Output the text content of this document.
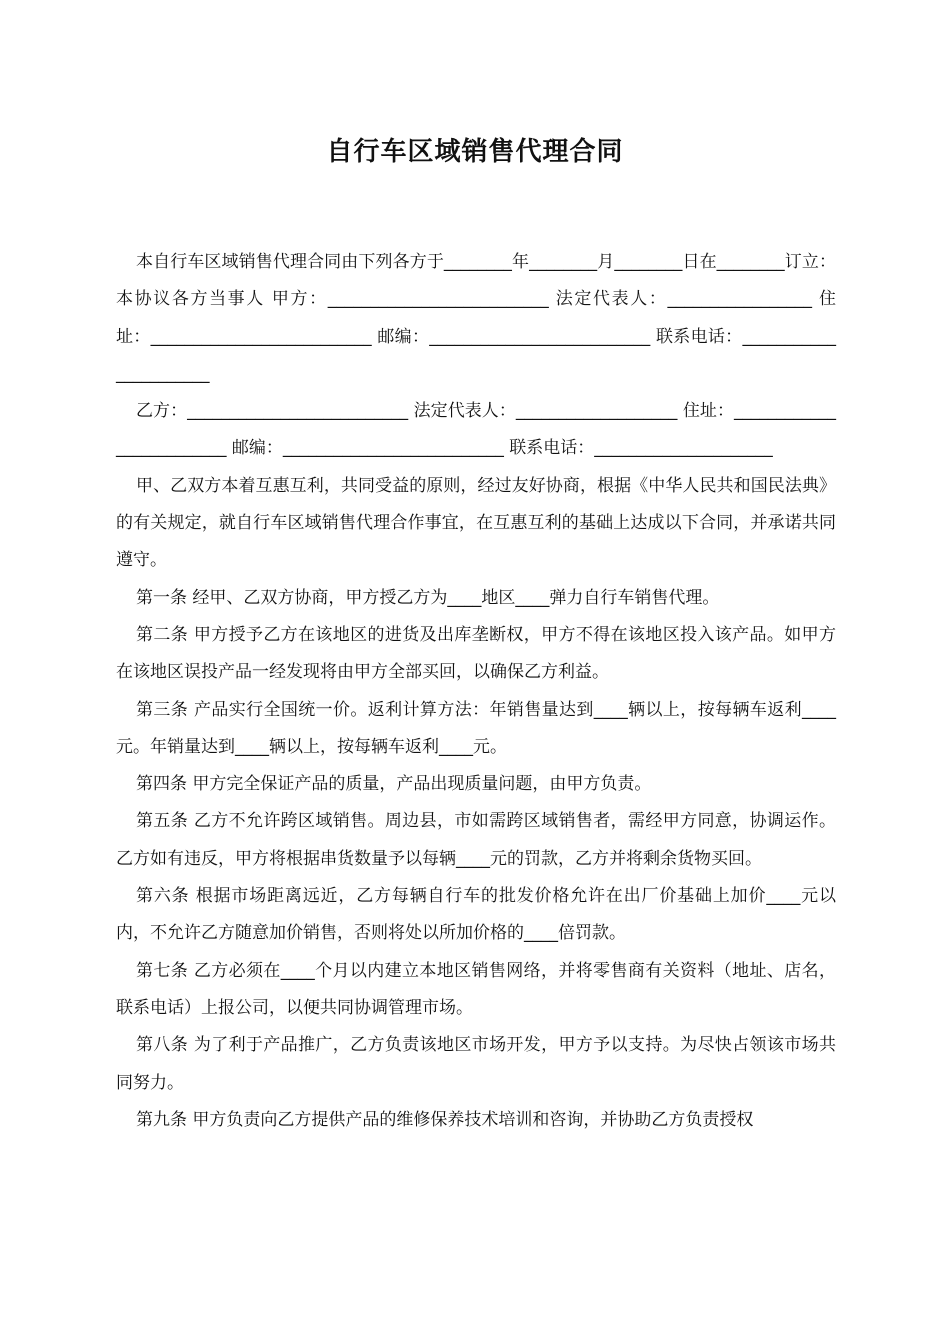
自行车区域销售代理合同

本自行车区域销售代理合同由下列各方于________年________月________日在________订立： 本协议各方当事人 甲方：__________________________ 法定代表人：_________________ 住址：__________________________ 邮编：__________________________ 联系电话：______________________

乙方：__________________________ 法定代表人：___________________ 住址：_________________________ 邮编：__________________________ 联系电话：_____________________

甲、乙双方本着互惠互利，共同受益的原则，经过友好协商，根据《中华人民共和国民法典》的有关规定，就自行车区域销售代理合作事宜，在互惠互利的基础上达成以下合同，并承诺共同遵守。

第一条 经甲、乙双方协商，甲方授乙方为____地区____弹力自行车销售代理。

第二条 甲方授予乙方在该地区的进货及出库垄断权，甲方不得在该地区投入该产品。如甲方在该地区误投产品一经发现将由甲方全部买回，以确保乙方利益。

第三条 产品实行全国统一价。返利计算方法：年销售量达到____辆以上，按每辆车返利____元。年销量达到____辆以上，按每辆车返利____元。

第四条 甲方完全保证产品的质量，产品出现质量问题，由甲方负责。

第五条 乙方不允许跨区域销售。周边县，市如需跨区域销售者，需经甲方同意，协调运作。乙方如有违反，甲方将根据串货数量予以每辆____元的罚款，乙方并将剩余货物买回。

第六条 根据市场距离远近，乙方每辆自行车的批发价格允许在出厂价基础上加价____元以内，不允许乙方随意加价销售，否则将处以所加价格的____倍罚款。

第七条 乙方必须在____个月以内建立本地区销售网络，并将零售商有关资料（地址、店名，联系电话）上报公司，以便共同协调管理市场。

第八条 为了利于产品推广，乙方负责该地区市场开发，甲方予以支持。为尽快占领该市场共同努力。

第九条 甲方负责向乙方提供产品的维修保养技术培训和咨询，并协助乙方负责授权
